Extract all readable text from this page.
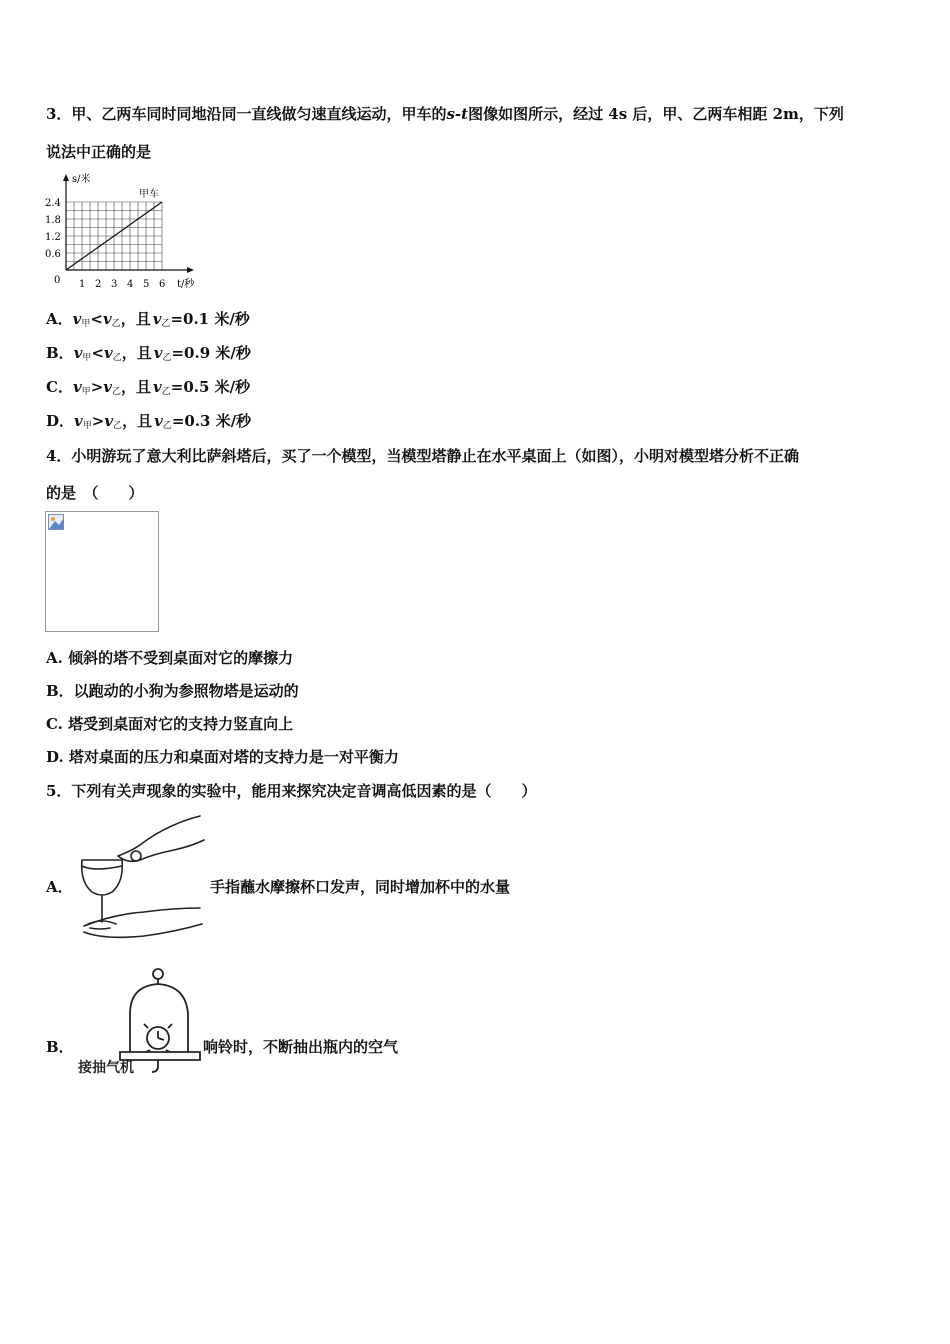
3．甲、乙两车同时同地沿同一直线做匀速直线运动，甲车的s-t图像如图所示，经过 4s 后，甲、乙两车相距 2m，下列
说法中正确的是
0 1 2 3 4 5 6
0.6
1.2
1.8
2.4
s/米
t/秒
甲车
A．$v_甲<v_乙$，且 $v_乙=0.1$ 米/秒
B．$v_甲<v_乙$，且 $v_乙=0.9$ 米/秒
C．$v_甲>v_乙$，且 $v_乙=0.5$ 米/秒
D．$v_甲>v_乙$，且 $v_乙=0.3$ 米/秒
4．小明游玩了意大利比萨斜塔后，买了一个模型，当模型塔静止在水平桌面上（如图），小明对模型塔分析不正确
的是　（　　）
A. 倾斜的塔不受到桌面对它的摩擦力
B．以跑动的小狗为参照物塔是运动的
C. 塔受到桌面对它的支持力竖直向上
D. 塔对桌面的压力和桌面对塔的支持力是一对平衡力
5．下列有关声现象的实验中，能用来探究决定音调高低因素的是（　　）
A．	手指蘸水摩擦杯口发声，同时增加杯中的水量
B．
接抽气机
响铃时，不断抽出瓶内的空气
